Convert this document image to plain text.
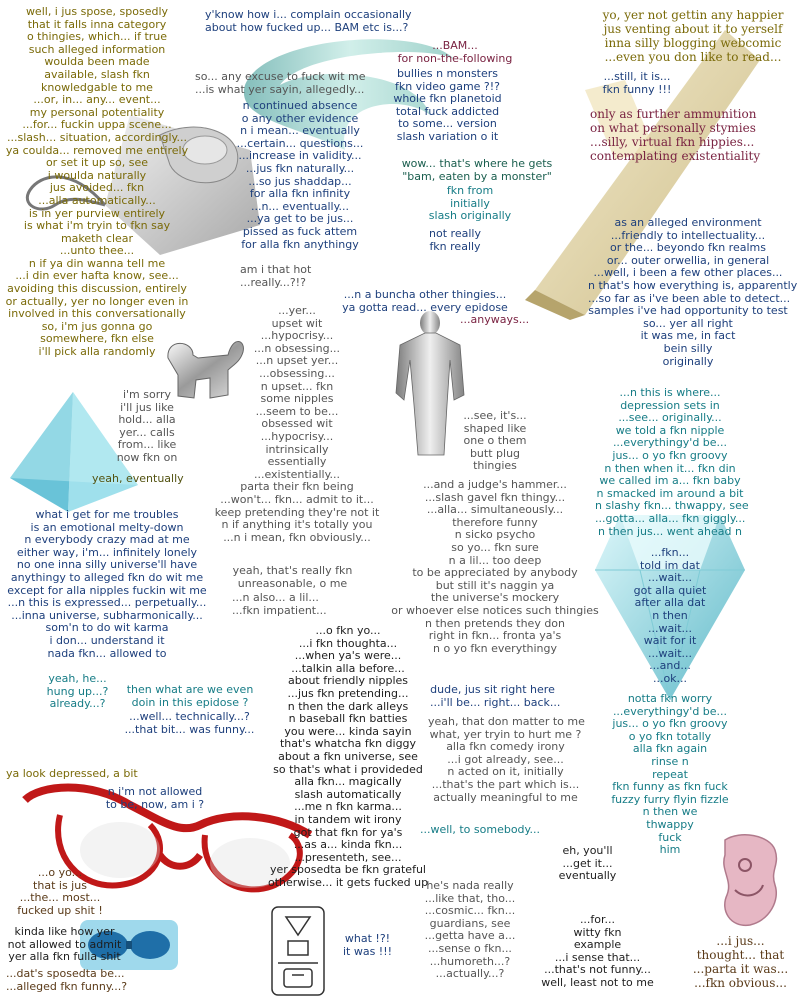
well, i jus spose, sposedly
that it falls inna category
o thingies, which... if true
such alleged information
woulda been made
available, slash fkn
knowledgable to me
...or, in... any... event...
my personal potentiality
...for... fuckin uppa scene...
...slash... situation, accordingly...
ya coulda... removed me entirely
or set it up so, see
i woulda naturally
jus avoided... fkn
...alla automatically...
is in yer purview entirely
is what i'm tryin to fkn say
maketh clear
...unto thee...
n if ya din wanna tell me
...i din ever hafta know, see...
avoiding this discussion, entirely
or actually, yer no longer even in
involved in this conversationally
so, i'm jus gonna go
somewhere, fkn else
i'll pick alla randomly
y'know how i... complain occasionally
about how fucked up... BAM etc is...?
...BAM...
for non-the-following
bullies n monsters
fkn video game ?!?
whole fkn planetoid
total fuck addicted
to some... version
slash variation o it
so... any excuse to fuck wit me
...is what yer sayin, allegedly...
n continued absence
o any other evidence
n i mean... eventually
...certain... questions...
...increase in validity...
...jus fkn naturally...
...so jus shaddap...
for alla fkn infinity
...n... eventually...
...ya get to be jus...
pissed as fuck attem
for alla fkn anythingy
am i that hot
...really...?!?
wow... that's where he gets
"bam, eaten by a monster"
fkn from
initially
slash originally
not really
fkn really
yo, yer not gettin any happier
jus venting about it to yerself
inna silly blogging webcomic
...even you don like to read...
...still, it is...
fkn funny !!!
only as further ammunition
on what personally stymies
...silly, virtual fkn hippies...
contemplating existentiality
as an alleged environment
...friendly to intellectuality...
or the... beyondo fkn realms
or... outer orwellia, in general
...well, i been a few other places...
n that's how everything is, apparently
...so far as i've been able to detect...
samples i've had opportunity to test
so... yer all right
it was me, in fact
bein silly
originally
...n a buncha other thingies...
ya gotta read... every epidose
...anyways...
...yer...
upset wit
...hypocrisy...
...n obsessing...
...n upset yer...
...obsessing...
n upset... fkn
some nipples
...seem to be...
obsessed wit
...hypocrisy...
intrinsically
essentially
...existentially...
parta their fkn being
...won't... fkn... admit to it...
keep pretending they're not it
n if anything it's totally you
...n i mean, fkn obviously...
i'm sorry
i'll jus like
hold... alla
yer... calls
from... like
now fkn on
yeah, eventually
...see, it's...
shaped like
one o them
butt plug
thingies
...and a judge's hammer...
...slash gavel fkn thingy...
...alla... simultaneously...
therefore funny
n sicko psycho
so yo... fkn sure
n a lil... too deep
to be appreciated by anybody
but still it's naggin ya
the universe's mockery
or whoever else notices such thingies
n then pretends they don
right in fkn... fronta ya's
n o yo fkn everythingy
...n this is where...
depression sets in
...see... originally...
we told a fkn nipple
...everythingy'd be...
jus... o yo fkn groovy
n then when it... fkn din
we called im a... fkn baby
n smacked im around a bit
n slashy fkn... thwappy, see
...gotta... alla... fkn giggly...
n then jus... went ahead n
what i get for me troubles
is an emotional melty-down
n everybody crazy mad at me
either way, i'm... infinitely lonely
no one inna silly universe'll have
anythingy to alleged fkn do wit me
except for alla nipples fuckin wit me
...n this is expressed... perpetually...
...inna universe, subharmonically...
som'n to do wit karma
i don... understand it
nada fkn... allowed to
yeah, that's really fkn
unreasonable, o me
...n also... a lil...
...fkn impatient...
...fkn...
told im dat
...wait...
got alla quiet
after alla dat
n then
...wait...
wait for it
...wait...
...and...
...ok...
notta fkn worry
...everythingy'd be...
jus... o yo fkn groovy
o yo fkn totally
alla fkn again
rinse n
repeat
fkn funny as fkn fuck
fuzzy furry flyin fizzle
n then we
thwappy
fuck
him
yeah, he...
hung up...?
already...?
then what are we even
doin in this epidose ?
...well... technically...?
...that bit... was funny...
...o fkn yo...
...i fkn thoughta...
...when ya's were...
...talkin alla before...
about friendly nipples
...jus fkn pretending...
n then the dark alleys
n baseball fkn batties
you were... kinda sayin
that's whatcha fkn diggy
about a fkn universe, see
so that's what i provideded
alla fkn... magically
slash automatically
...me n fkn karma...
in tandem wit irony
got that fkn for ya's
...as a... kinda fkn...
...presenteth, see...
yer sposedta be fkn grateful
otherwise... it gets fucked up
dude, jus sit right here
...i'll be... right... back...
yeah, that don matter to me
what, yer tryin to hurt me ?
alla fkn comedy irony
...i got already, see...
n acted on it, initially
...that's the part which is...
actually meaningful to me
...well, to somebody...
ya look depressed, a bit
n i'm not allowed
to be, now, am i ?
...o yo...
that is jus
...the... most...
fucked up shit !
kinda like how yer
not allowed to admit
yer alla fkn fulla shit
...dat's sposedta be...
...alleged fkn funny...?
eh, you'll
...get it...
eventually
he's nada really
...like that, tho...
...cosmic... fkn...
guardians, see
...getta have a...
...sense o fkn...
...humoreth...?
...actually...?
what !?!
it was !!!
...for...
witty fkn
example
...i sense that...
...that's not funny...
well, least not to me
...i jus...
thought... that
...parta it was...
...fkn obvious...
